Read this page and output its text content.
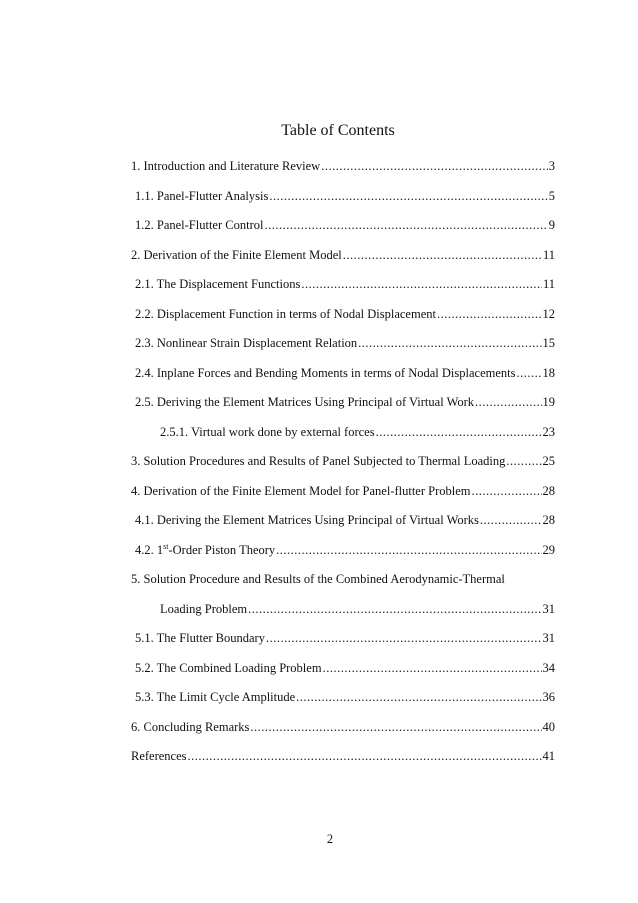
Table of Contents
1. Introduction and Literature Review .....	3
1.1. Panel-Flutter Analysis .....	5
1.2. Panel-Flutter Control .....	9
2. Derivation of the Finite Element Model .....	11
2.1. The Displacement Functions .....	11
2.2. Displacement Function in terms of Nodal Displacement .....	12
2.3. Nonlinear Strain Displacement Relation .....	15
2.4. Inplane Forces and Bending Moments in terms of Nodal Displacements ..... 18
2.5. Deriving the Element Matrices Using Principal of Virtual Work .....	19
2.5.1. Virtual work done by external forces .....	23
3. Solution Procedures and Results of Panel Subjected to Thermal Loading .....	25
4. Derivation of the Finite Element Model for Panel-flutter Problem .....	28
4.1. Deriving the Element Matrices Using Principal of Virtual Works .....	28
4.2. 1st-Order Piston Theory .....	29
5. Solution Procedure and Results of the Combined Aerodynamic-Thermal
Loading Problem .....	31
5.1. The Flutter Boundary .....	31
5.2. The Combined Loading Problem .....	34
5.3. The Limit Cycle Amplitude .....	36
6. Concluding Remarks .....	40
References .....	41
2
